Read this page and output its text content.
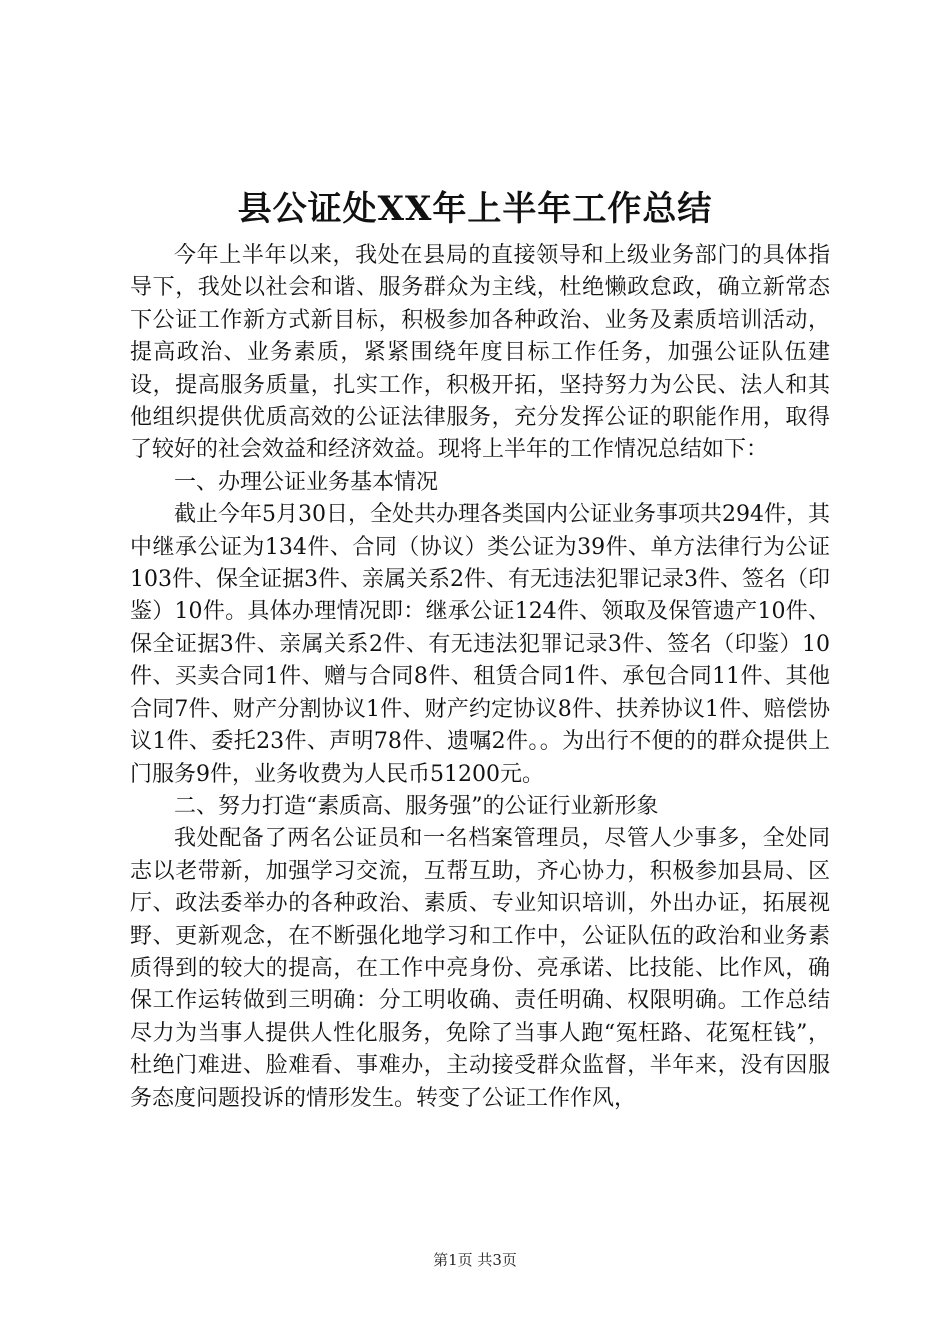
县公证处XX年上半年工作总结

今年上半年以来，我处在县局的直接领导和上级业务部门的具体指导下，我处以社会和谐、服务群众为主线，杜绝懒政怠政，确立新常态下公证工作新方式新目标，积极参加各种政治、业务及素质培训活动，提高政治、业务素质，紧紧围绕年度目标工作任务，加强公证队伍建设，提高服务质量，扎实工作，积极开拓，坚持努力为公民、法人和其他组织提供优质高效的公证法律服务，充分发挥公证的职能作用，取得了较好的社会效益和经济效益。现将上半年的工作情况总结如下：

一、办理公证业务基本情况

截止今年5月30日，全处共办理各类国内公证业务事项共294件，其中继承公证为134件、合同（协议）类公证为39件、单方法律行为公证103件、保全证据3件、亲属关系2件、有无违法犯罪记录3件、签名（印鉴）10件。具体办理情况即：继承公证124件、领取及保管遗产10件、保全证据3件、亲属关系2件、有无违法犯罪记录3件、签名（印鉴）10件、买卖合同1件、赠与合同8件、租赁合同1件、承包合同11件、其他合同7件、财产分割协议1件、财产约定协议8件、扶养协议1件、赔偿协议1件、委托23件、声明78件、遗嘱2件。。为出行不便的的群众提供上门服务9件，业务收费为人民币51200元。

二、努力打造“素质高、服务强”的公证行业新形象

我处配备了两名公证员和一名档案管理员，尽管人少事多，全处同志以老带新，加强学习交流，互帮互助，齐心协力，积极参加县局、区厅、政法委举办的各种政治、素质、专业知识培训，外出办证，拓展视野、更新观念，在不断强化地学习和工作中，公证队伍的政治和业务素质得到的较大的提高，在工作中亮身份、亮承诺、比技能、比作风，确保工作运转做到三明确：分工明收确、责任明确、权限明确。工作总结尽力为当事人提供人性化服务，免除了当事人跑“冤枉路、花冤枉钱”，杜绝门难进、脸难看、事难办，主动接受群众监督，半年来，没有因服务态度问题投诉的情形发生。转变了公证工作作风，

第1页 共3页
